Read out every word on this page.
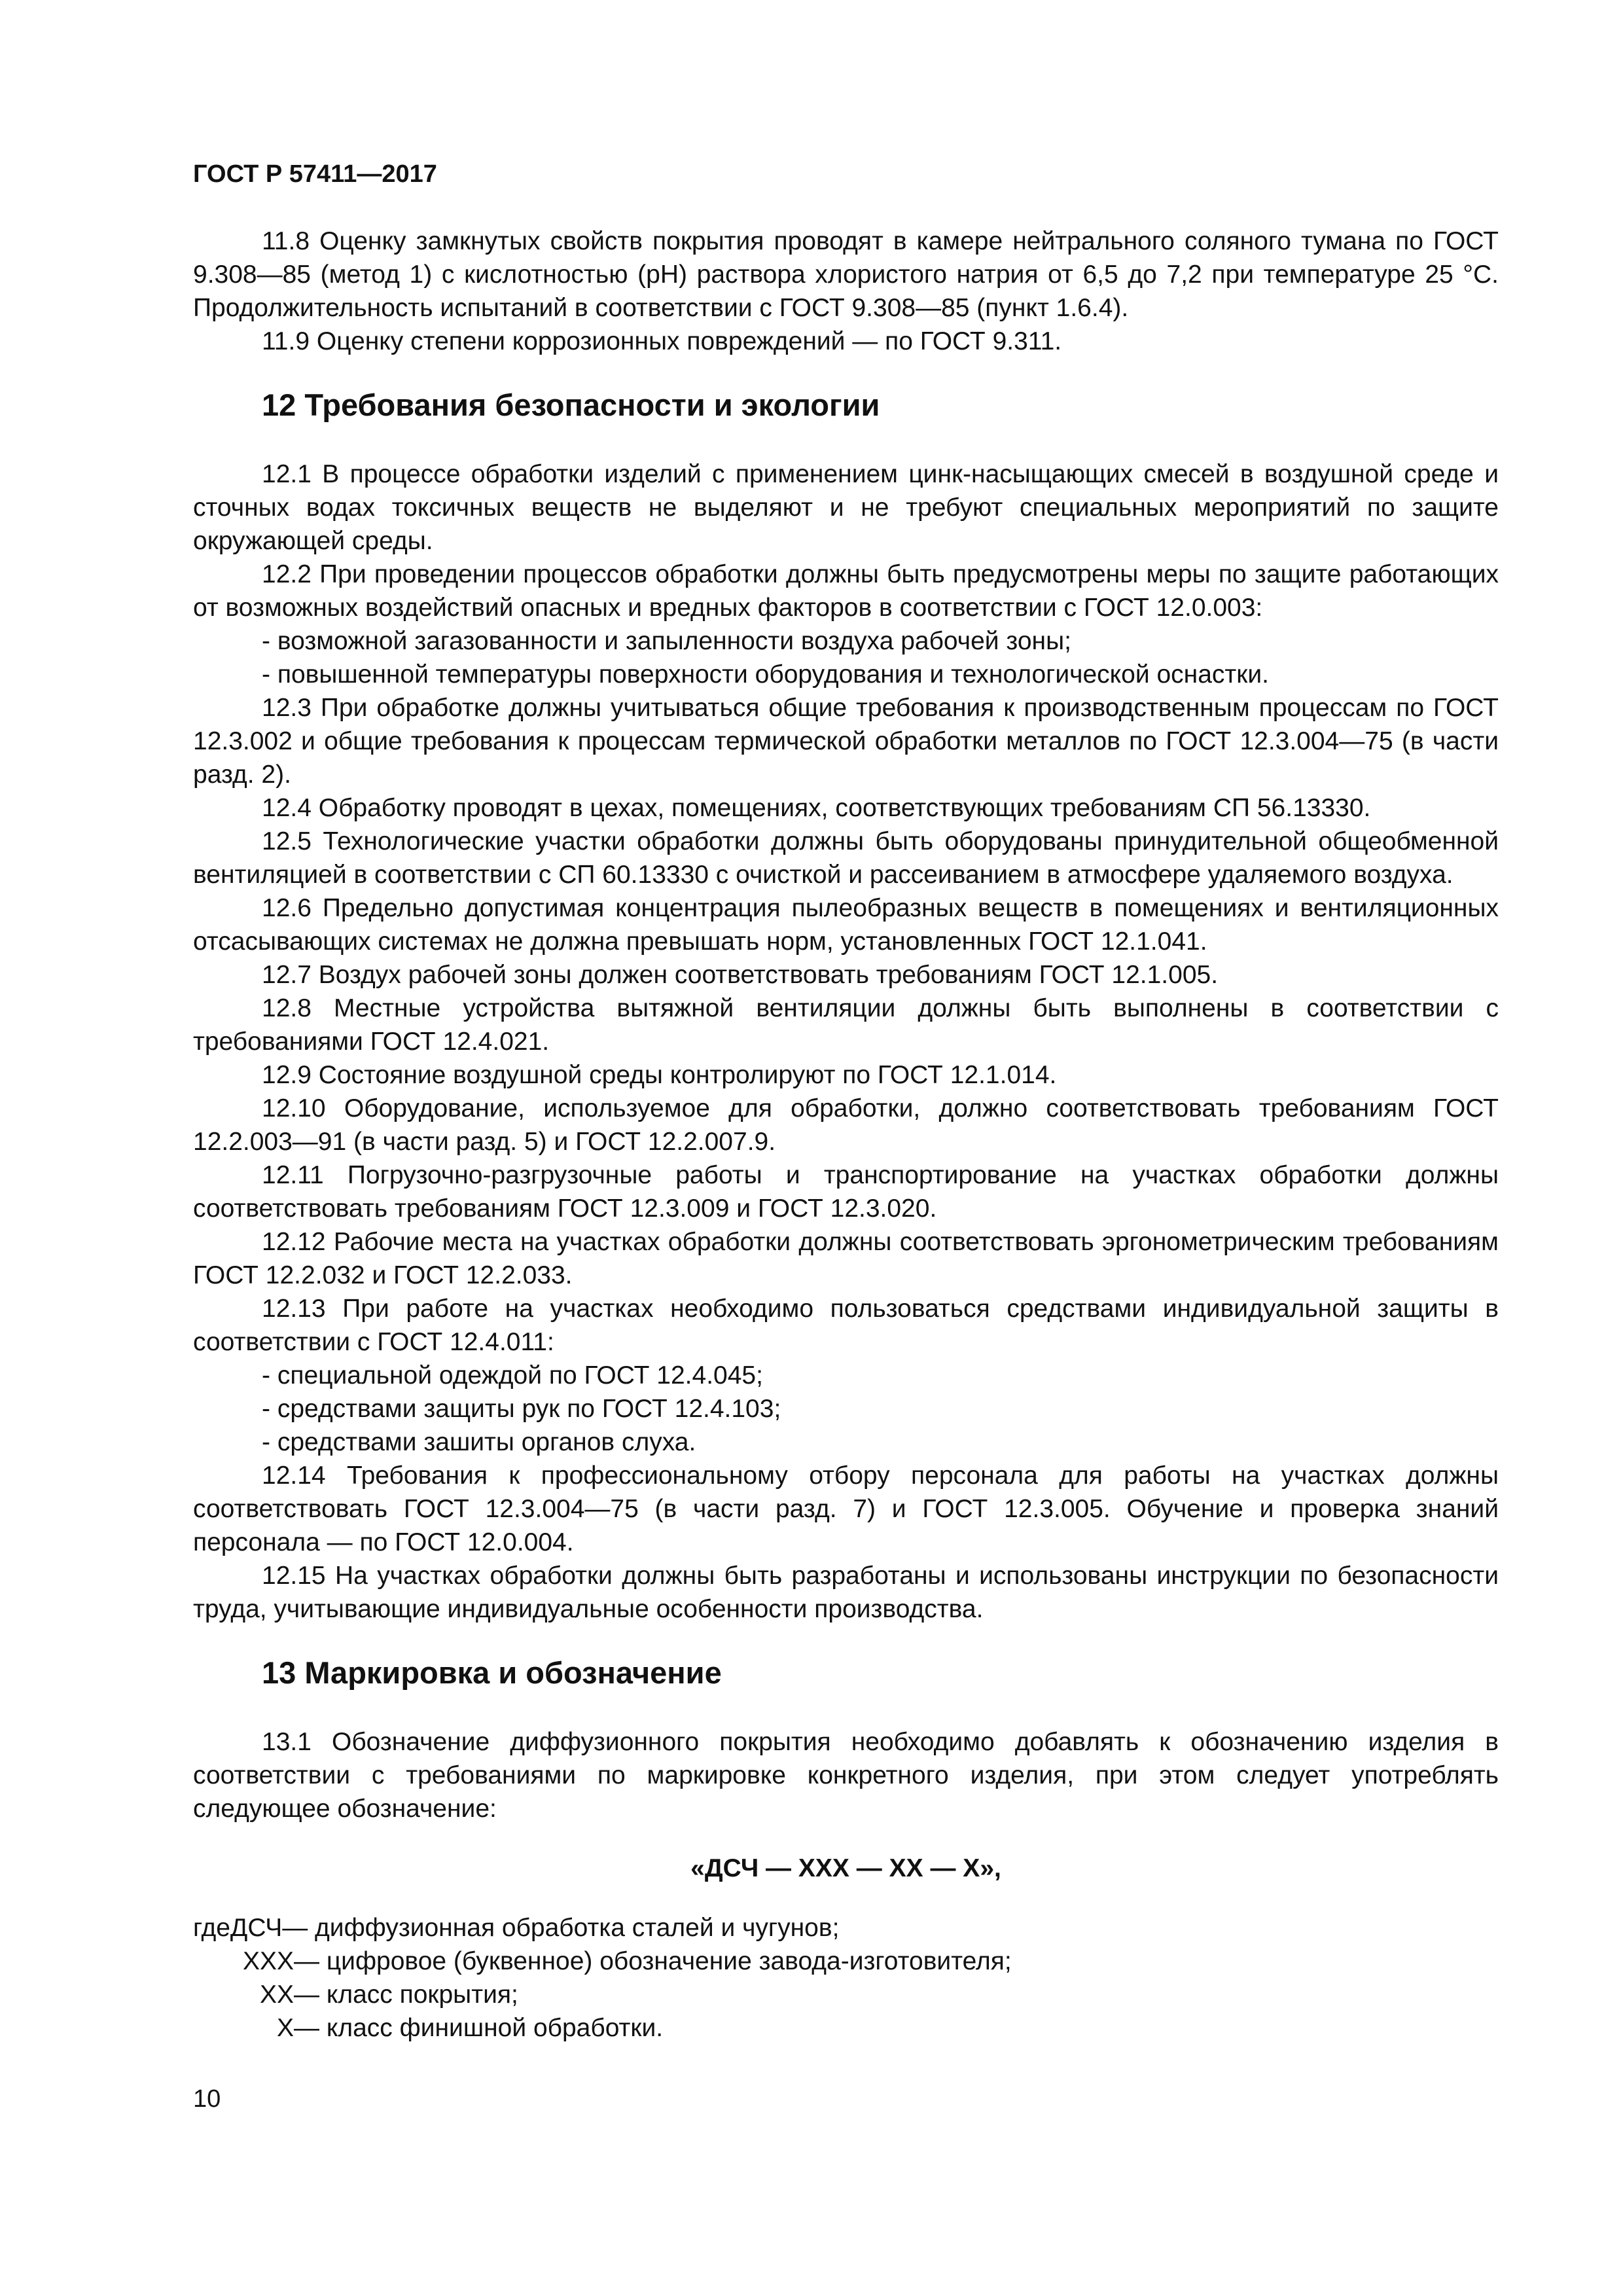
ГОСТ Р 57411—2017

11.8 Оценку замкнутых свойств покрытия проводят в камере нейтрального соляного тумана по ГОСТ 9.308—85 (метод 1) с кислотностью (рН) раствора хлористого натрия от 6,5 до 7,2 при температуре 25 °С. Продолжительность испытаний в соответствии с ГОСТ 9.308—85 (пункт 1.6.4).

11.9 Оценку степени коррозионных повреждений — по ГОСТ 9.311.

12 Требования безопасности и экологии

12.1 В процессе обработки изделий с применением цинк-насыщающих смесей в воздушной среде и сточных водах токсичных веществ не выделяют и не требуют специальных мероприятий по защите окружающей среды.

12.2 При проведении процессов обработки должны быть предусмотрены меры по защите работающих от возможных воздействий опасных и вредных факторов в соответствии с ГОСТ 12.0.003:

- возможной загазованности и запыленности воздуха рабочей зоны;

- повышенной температуры поверхности оборудования и технологической оснастки.

12.3 При обработке должны учитываться общие требования к производственным процессам по ГОСТ 12.3.002 и общие требования к процессам термической обработки металлов по ГОСТ 12.3.004—75 (в части разд. 2).

12.4 Обработку проводят в цехах, помещениях, соответствующих требованиям СП 56.13330.

12.5 Технологические участки обработки должны быть оборудованы принудительной общеобменной вентиляцией в соответствии с СП 60.13330 с очисткой и рассеиванием в атмосфере удаляемого воздуха.

12.6 Предельно допустимая концентрация пылеобразных веществ в помещениях и вентиляционных отсасывающих системах не должна превышать норм, установленных ГОСТ 12.1.041.

12.7 Воздух рабочей зоны должен соответствовать требованиям ГОСТ 12.1.005.

12.8 Местные устройства вытяжной вентиляции должны быть выполнены в соответствии с требованиями ГОСТ 12.4.021.

12.9 Состояние воздушной среды контролируют по ГОСТ 12.1.014.

12.10 Оборудование, используемое для обработки, должно соответствовать требованиям ГОСТ 12.2.003—91 (в части разд. 5) и ГОСТ 12.2.007.9.

12.11 Погрузочно-разгрузочные работы и транспортирование на участках обработки должны соответствовать требованиям ГОСТ 12.3.009 и ГОСТ 12.3.020.

12.12 Рабочие места на участках обработки должны соответствовать эргонометрическим требованиям ГОСТ 12.2.032 и ГОСТ 12.2.033.

12.13 При работе на участках необходимо пользоваться средствами индивидуальной защиты в соответствии с ГОСТ 12.4.011:

- специальной одеждой по ГОСТ 12.4.045;

- средствами защиты рук по ГОСТ 12.4.103;

- средствами зашиты органов слуха.

12.14 Требования к профессиональному отбору персонала для работы на участках должны соответствовать ГОСТ 12.3.004—75 (в части разд. 7) и ГОСТ 12.3.005. Обучение и проверка знаний персонала — по ГОСТ 12.0.004.

12.15 На участках обработки должны быть разработаны и использованы инструкции по безопасности труда, учитывающие индивидуальные особенности производства.

13 Маркировка и обозначение

13.1 Обозначение диффузионного покрытия необходимо добавлять к обозначению изделия в соответствии с требованиями по маркировке конкретного изделия, при этом следует употреблять следующее обозначение:

«ДСЧ — ХХХ — ХХ — Х»,
где ДСЧ — диффузионная обработка сталей и чугунов;
ХХХ — цифровое (буквенное) обозначение завода-изготовителя;
ХХ — класс покрытия;
Х — класс финишной обработки.
10
